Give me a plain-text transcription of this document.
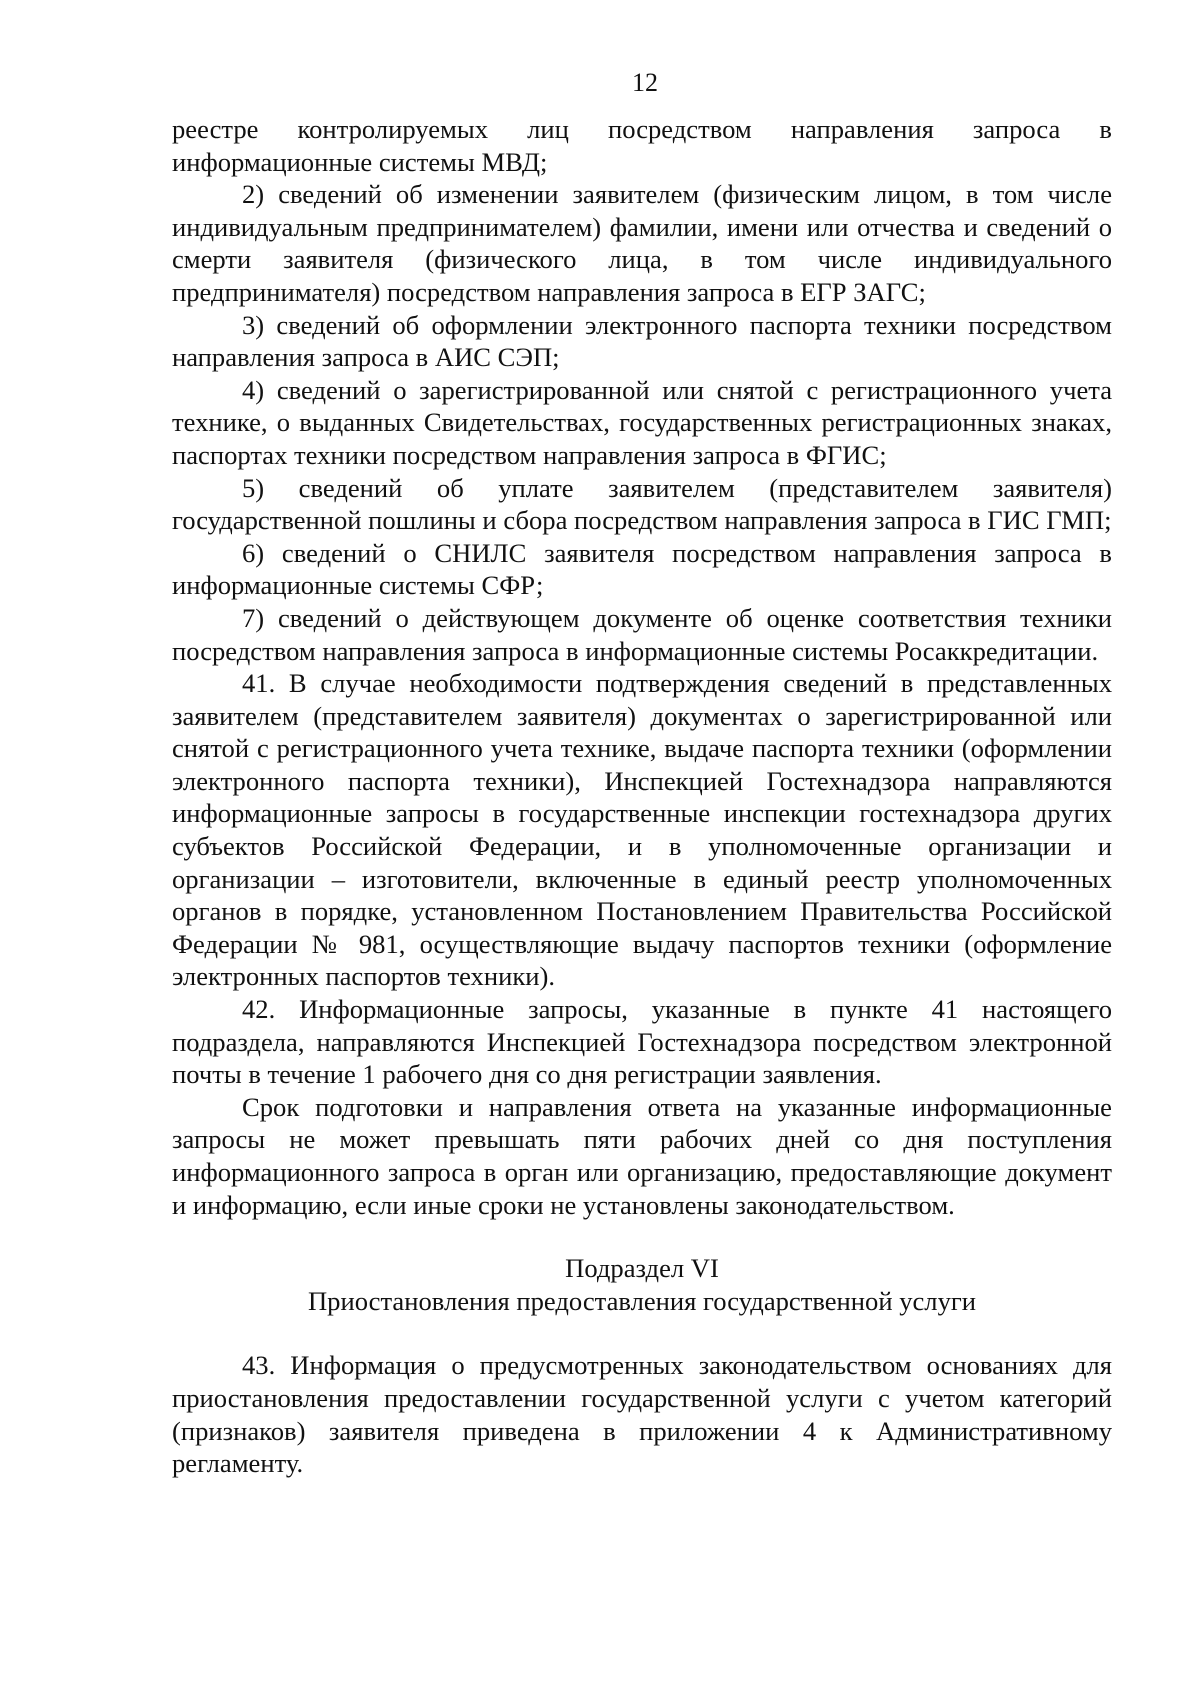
12

реестре контролируемых лиц посредством направления запроса в информационные системы МВД;

2) сведений об изменении заявителем (физическим лицом, в том числе индивидуальным предпринимателем) фамилии, имени или отчества и сведений о смерти заявителя (физического лица, в том числе индивидуального предпринимателя) посредством направления запроса в ЕГР ЗАГС;

3) сведений об оформлении электронного паспорта техники посредством направления запроса в АИС СЭП;

4) сведений о зарегистрированной или снятой с регистрационного учета технике, о выданных Свидетельствах, государственных регистрационных знаках, паспортах техники посредством направления запроса в ФГИС;

5) сведений об уплате заявителем (представителем заявителя) государственной пошлины и сбора посредством направления запроса в ГИС ГМП;

6) сведений о СНИЛС заявителя посредством направления запроса в информационные системы СФР;

7) сведений о действующем документе об оценке соответствия техники посредством направления запроса в информационные системы Росаккредитации.

41. В случае необходимости подтверждения сведений в представленных заявителем (представителем заявителя) документах о зарегистрированной или снятой с регистрационного учета технике, выдаче паспорта техники (оформлении электронного паспорта техники), Инспекцией Гостехнадзора направляются информационные запросы в государственные инспекции гостехнадзора других субъектов Российской Федерации, и в уполномоченные организации и организации – изготовители, включенные в единый реестр уполномоченных органов в порядке, установленном Постановлением Правительства Российской Федерации № 981, осуществляющие выдачу паспортов техники (оформление электронных паспортов техники).

42. Информационные запросы, указанные в пункте 41 настоящего подраздела, направляются Инспекцией Гостехнадзора посредством электронной почты в течение 1 рабочего дня со дня регистрации заявления.

Срок подготовки и направления ответа на указанные информационные запросы не может превышать пяти рабочих дней со дня поступления информационного запроса в орган или организацию, предоставляющие документ и информацию, если иные сроки не установлены законодательством.

Подраздел VI

Приостановления предоставления государственной услуги

43. Информация о предусмотренных законодательством основаниях для приостановления предоставлении государственной услуги с учетом категорий (признаков) заявителя приведена в приложении 4 к Административному регламенту.
